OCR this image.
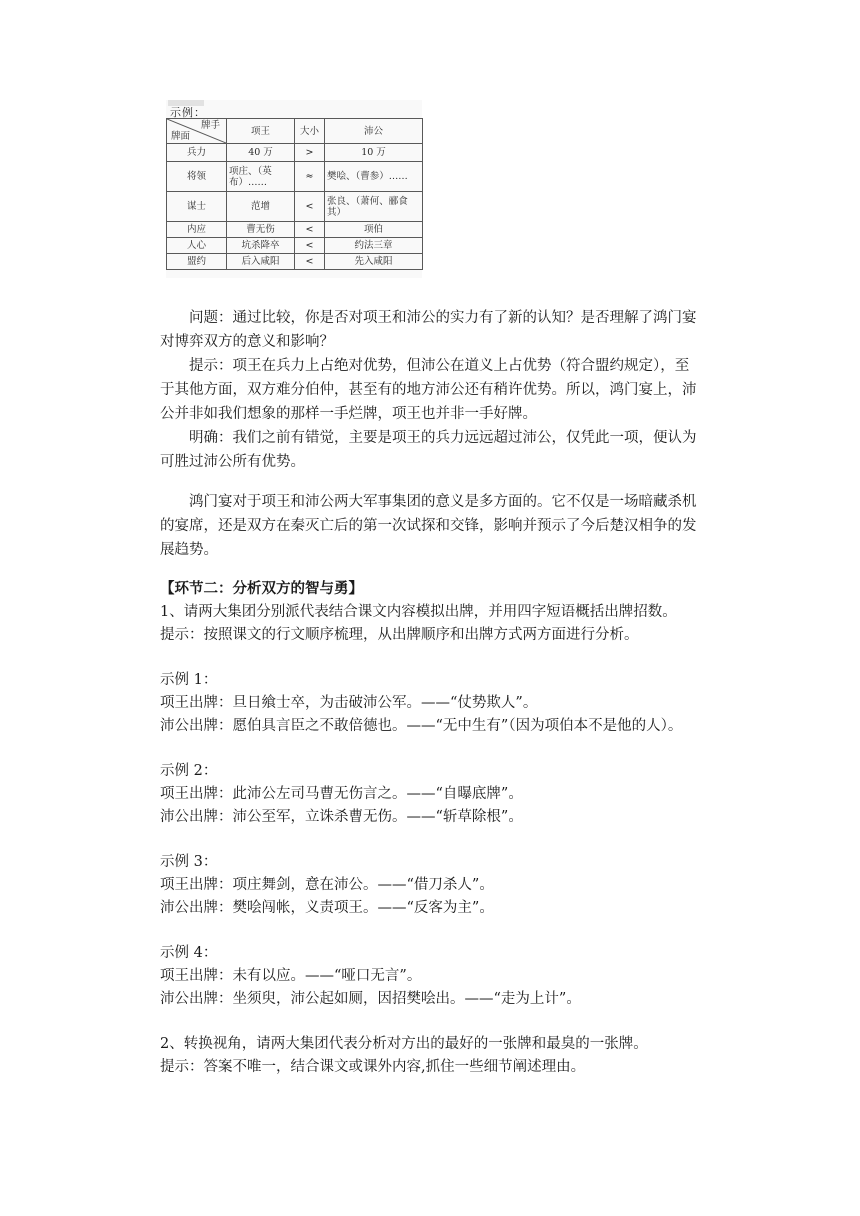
示例：
牌手
牌面	项王	大小	沛公
兵力	40 万	>	10 万
将领	项庄、（英布）……	≈	樊哙、（曹参）……
谋士	范增	<	张良、（萧何、郦食其）
内应	曹无伤	<	项伯
人心	坑杀降卒	<	约法三章
盟约	后入咸阳	<	先入咸阳

问题：通过比较，你是否对项王和沛公的实力有了新的认知？是否理解了鸿门宴对博弈双方的意义和影响？

提示：项王在兵力上占绝对优势，但沛公在道义上占优势（符合盟约规定），至于其他方面，双方难分伯仲，甚至有的地方沛公还有稍许优势。所以，鸿门宴上，沛公并非如我们想象的那样一手烂牌，项王也并非一手好牌。

明确：我们之前有错觉，主要是项王的兵力远远超过沛公，仅凭此一项，便认为可胜过沛公所有优势。

鸿门宴对于项王和沛公两大军事集团的意义是多方面的。它不仅是一场暗藏杀机的宴席，还是双方在秦灭亡后的第一次试探和交锋，影响并预示了今后楚汉相争的发展趋势。

【环节二：分析双方的智与勇】

1、请两大集团分别派代表结合课文内容模拟出牌，并用四字短语概括出牌招数。

提示：按照课文的行文顺序梳理，从出牌顺序和出牌方式两方面进行分析。

示例 1：

项王出牌：旦日飨士卒，为击破沛公军。——“仗势欺人”。

沛公出牌：愿伯具言臣之不敢倍德也。——“无中生有”（因为项伯本不是他的人）。

示例 2：

项王出牌：此沛公左司马曹无伤言之。——“自曝底牌”。

沛公出牌：沛公至军，立诛杀曹无伤。——“斩草除根”。

示例 3：

项王出牌：项庄舞剑，意在沛公。——“借刀杀人”。

沛公出牌：樊哙闯帐，义责项王。——“反客为主”。

示例 4：

项王出牌：未有以应。——“哑口无言”。

沛公出牌：坐须臾，沛公起如厕，因招樊哙出。——“走为上计”。

2、转换视角，请两大集团代表分析对方出的最好的一张牌和最臭的一张牌。

提示：答案不唯一，结合课文或课外内容,抓住一些细节阐述理由。
